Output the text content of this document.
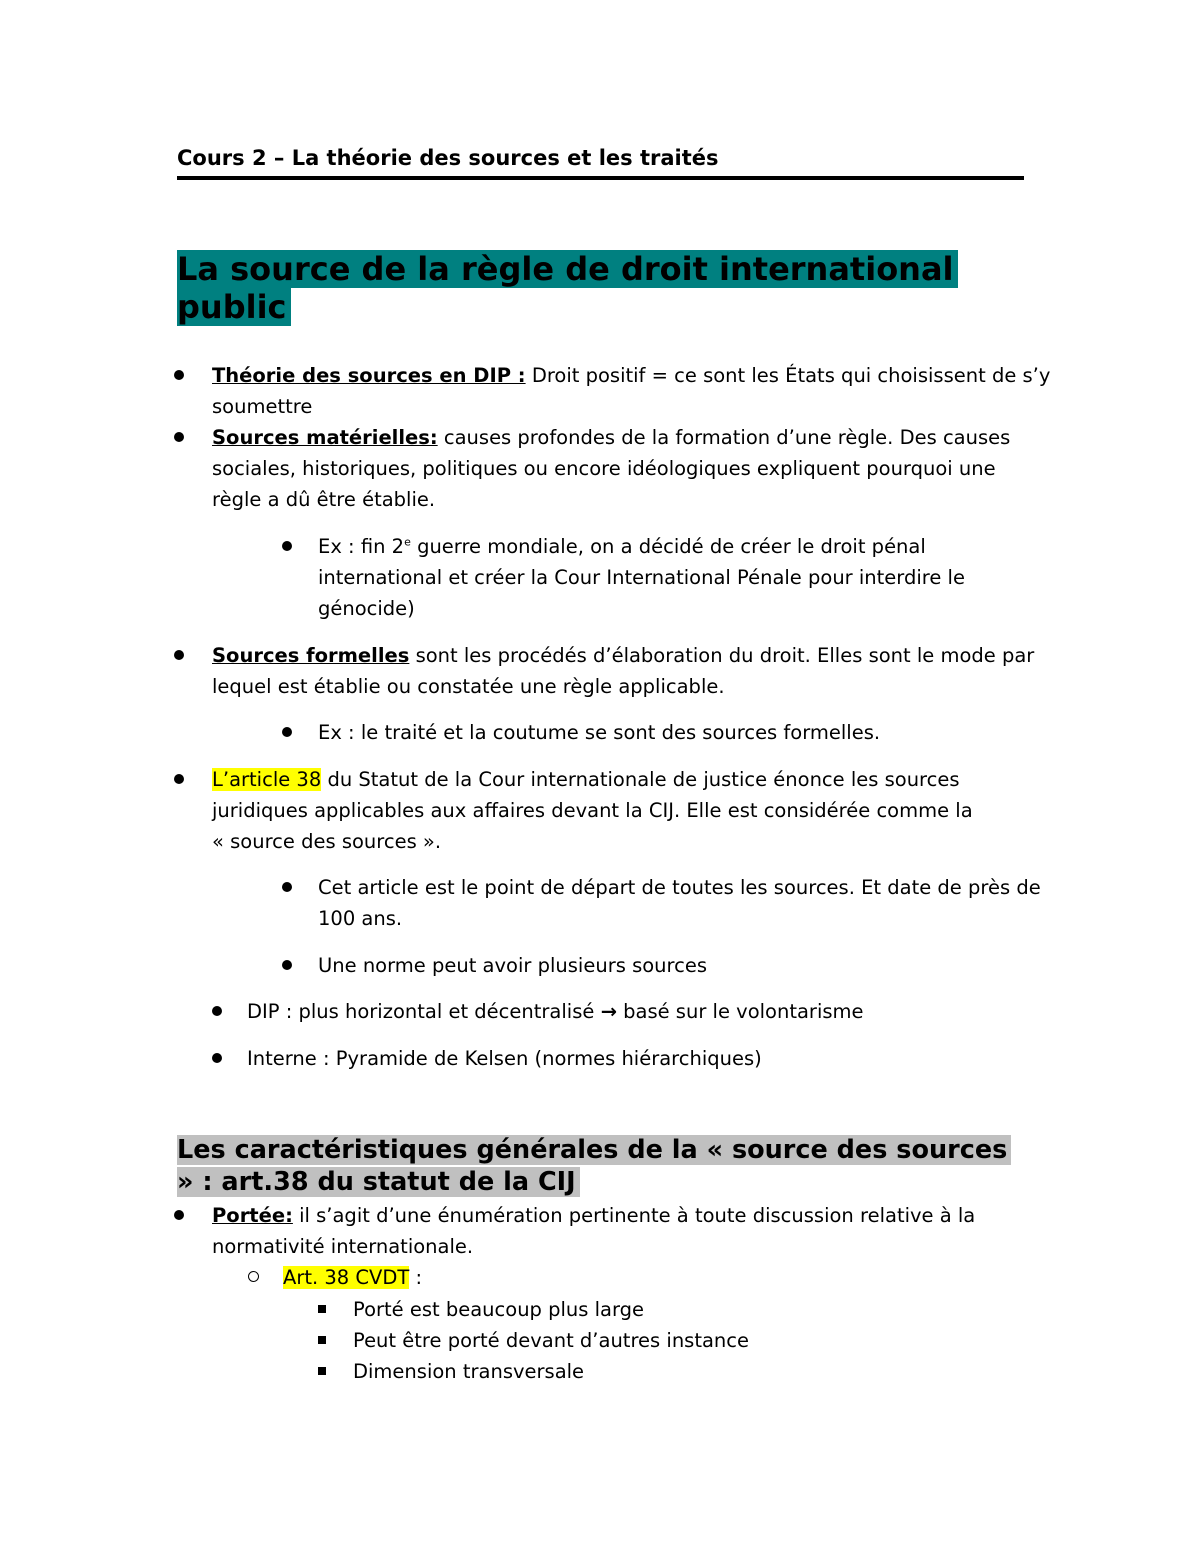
Cours 2 – La théorie des sources et les traités
La source de la règle de droit international
public
Théorie des sources en DIP : Droit positif = ce sont les États qui choisissent de s’y
soumettre
Sources matérielles: causes profondes de la formation d’une règle. Des causes
sociales, historiques, politiques ou encore idéologiques expliquent pourquoi une
règle a dû être établie.
Ex : fin 2e guerre mondiale, on a décidé de créer le droit pénal
international et créer la Cour International Pénale pour interdire le
génocide)
Sources formelles sont les procédés d’élaboration du droit. Elles sont le mode par
lequel est établie ou constatée une règle applicable.
Ex : le traité et la coutume se sont des sources formelles.
L’article 38 du Statut de la Cour internationale de justice énonce les sources
juridiques applicables aux affaires devant la CIJ. Elle est considérée comme la
« source des sources ».
Cet article est le point de départ de toutes les sources. Et date de près de
100 ans.
Une norme peut avoir plusieurs sources
DIP : plus horizontal et décentralisé → basé sur le volontarisme
Interne : Pyramide de Kelsen (normes hiérarchiques)
Les caractéristiques générales de la « source des sources
» : art.38 du statut de la CIJ
Portée: il s’agit d’une énumération pertinente à toute discussion relative à la
normativité internationale.
Art. 38 CVDT :
Porté est beaucoup plus large
Peut être porté devant d’autres instance
Dimension transversale
